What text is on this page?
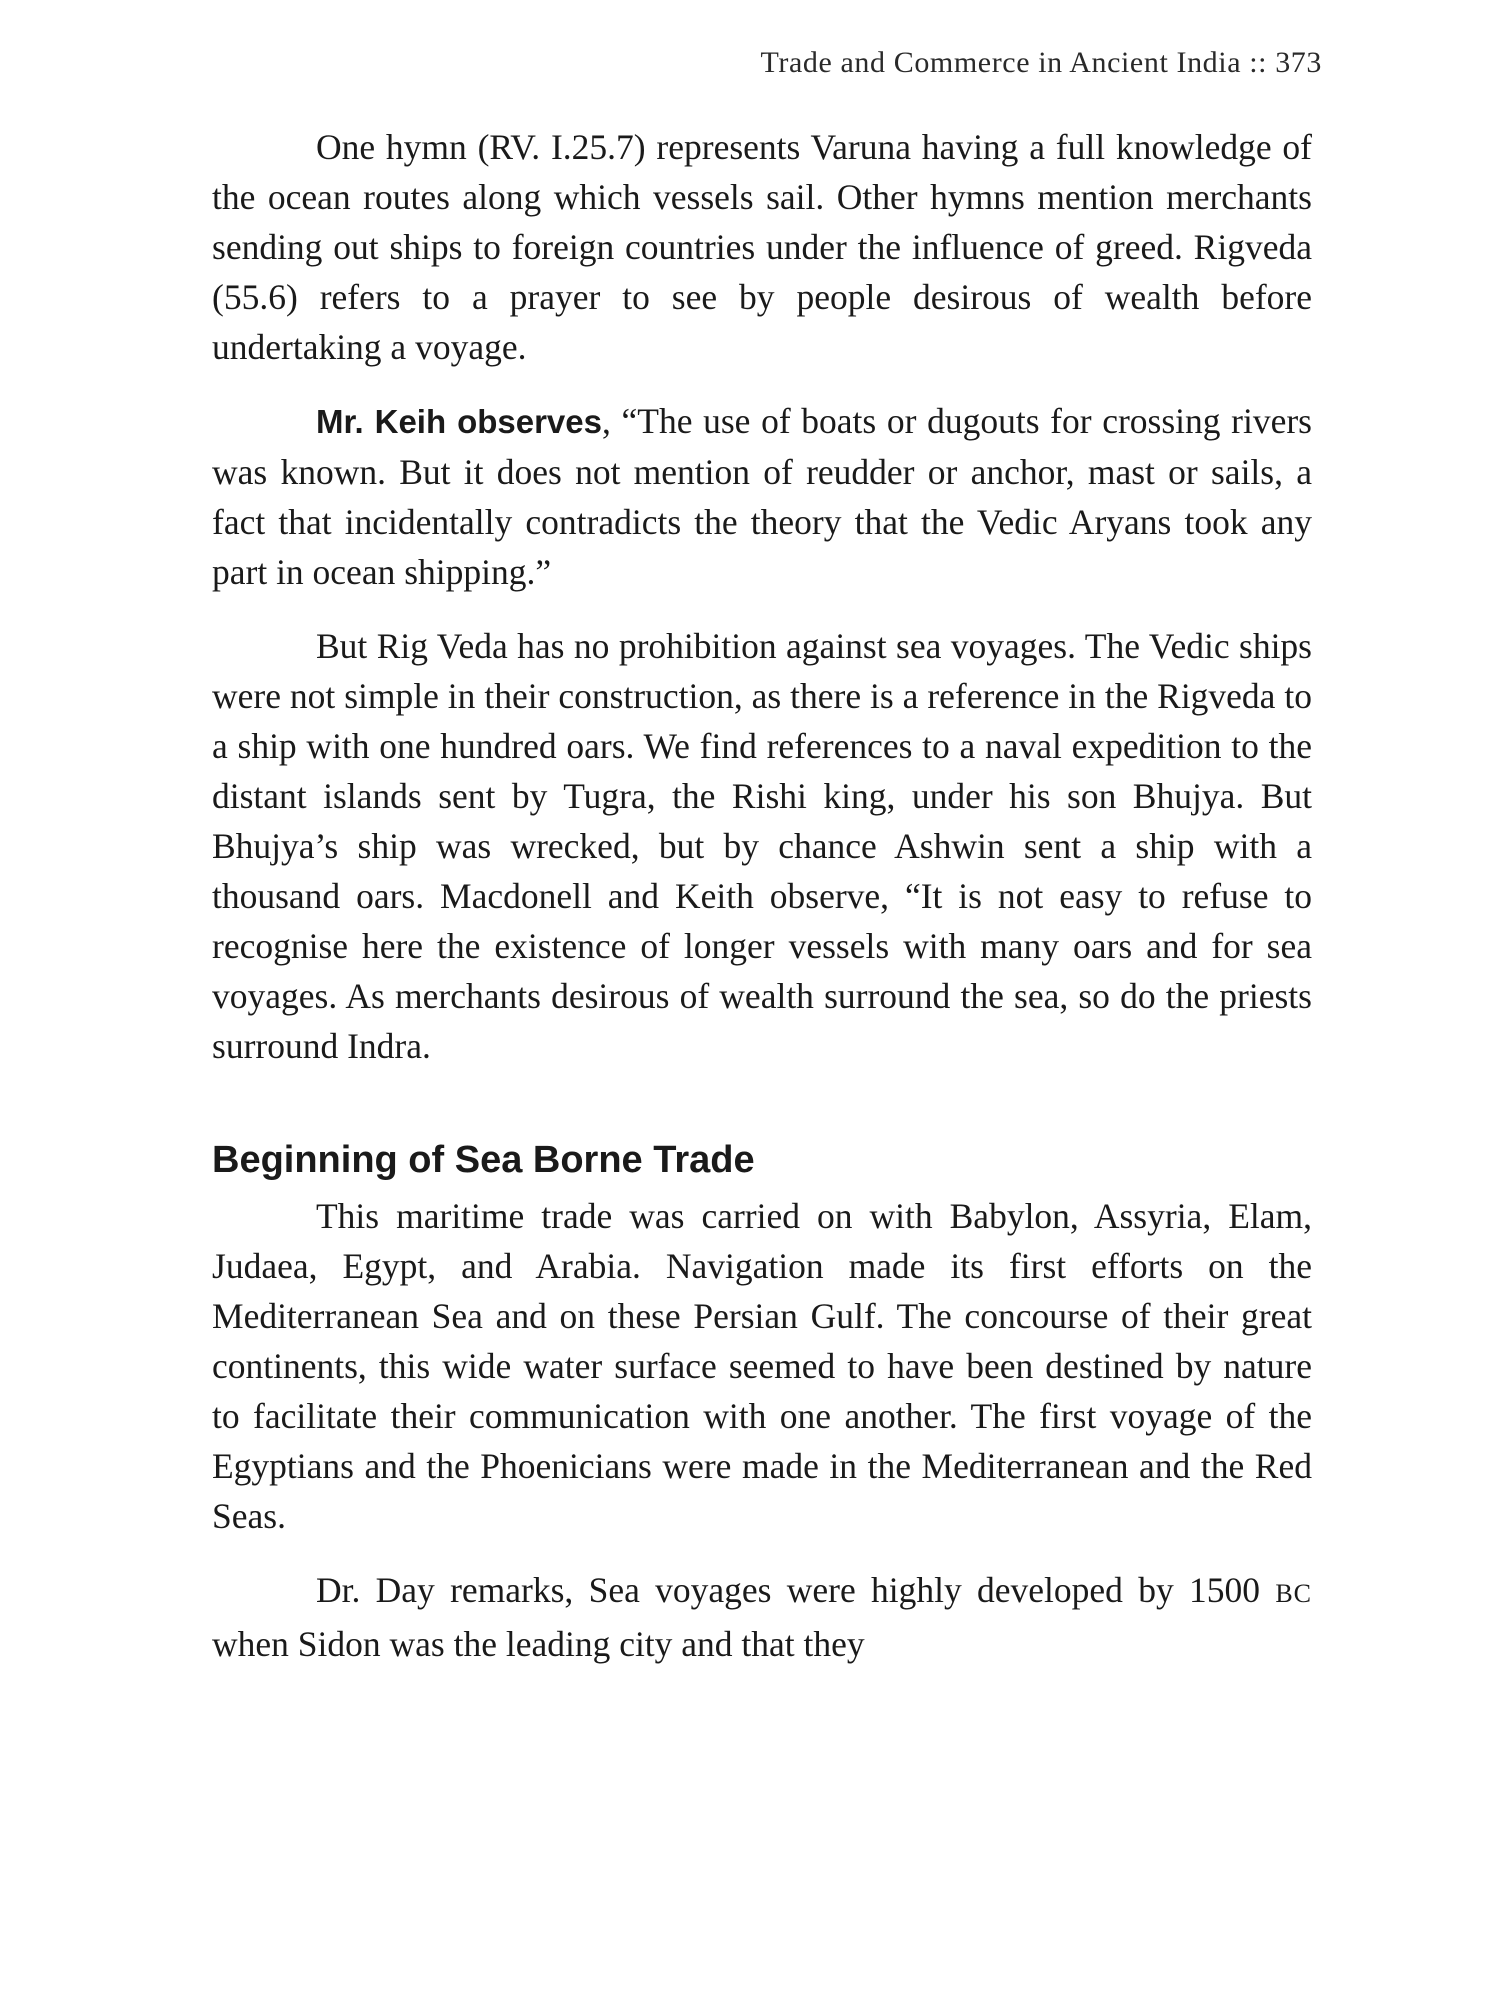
Trade and Commerce in Ancient India :: 373

One hymn (RV. I.25.7) represents Varuna having a full knowledge of the ocean routes along which vessels sail. Other hymns mention merchants sending out ships to foreign countries under the influence of greed. Rigveda (55.6) refers to a prayer to see by people desirous of wealth before undertaking a voyage.

Mr. Keih observes, “The use of boats or dugouts for crossing rivers was known. But it does not mention of reudder or anchor, mast or sails, a fact that incidentally contradicts the theory that the Vedic Aryans took any part in ocean shipping.”

But Rig Veda has no prohibition against sea voyages. The Vedic ships were not simple in their construction, as there is a reference in the Rigveda to a ship with one hundred oars. We find references to a naval expedition to the distant islands sent by Tugra, the Rishi king, under his son Bhujya. But Bhujya’s ship was wrecked, but by chance Ashwin sent a ship with a thousand oars. Macdonell and Keith observe, “It is not easy to refuse to recognise here the existence of longer vessels with many oars and for sea voyages. As merchants desirous of wealth surround the sea, so do the priests surround Indra.

Beginning of Sea Borne Trade

This maritime trade was carried on with Babylon, Assyria, Elam, Judaea, Egypt, and Arabia. Navigation made its first efforts on the Mediterranean Sea and on these Persian Gulf. The concourse of their great continents, this wide water surface seemed to have been destined by nature to facilitate their communication with one another. The first voyage of the Egyptians and the Phoenicians were made in the Mediterranean and the Red Seas.

Dr. Day remarks, Sea voyages were highly developed by 1500 BC when Sidon was the leading city and that they
